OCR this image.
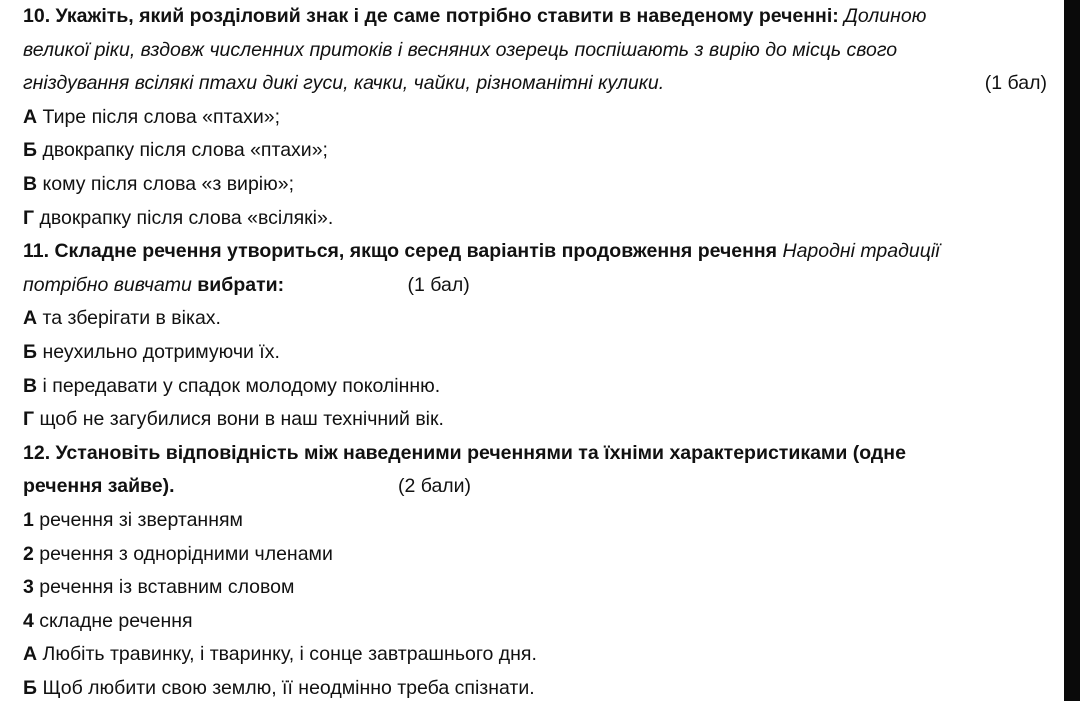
10. Укажіть, який розділовий знак і де саме потрібно ставити в наведеному реченні: Долиною
великої ріки, вздовж численних притоків і весняних озерець поспішають з вирію до місць свого
гніздування всілякі птахи дикі гуси, качки, чайки, різноманітні кулики.	(1 бал)
А Тире після слова «птахи»;
Б двокрапку після слова «птахи»;
В кому після слова «з вирію»;
Г двокрапку після слова «всілякі».
11. Складне речення утвориться, якщо серед варіантів продовження речення Народні традиції
потрібно вивчати вибрати:	(1 бал)
А та зберігати в віках.
Б неухильно дотримуючи їх.
В і передавати у спадок молодому поколінню.
Г щоб не загубилися вони в наш технічний вік.
12. Установіть відповідність між наведеними реченнями та їхніми характеристиками (одне
речення зайве).	(2 бали)
1 речення зі звертанням
2 речення з однорідними членами
3 речення із вставним словом
4 складне речення
А Любіть травинку, і тваринку, і сонце завтрашнього дня.
Б Щоб любити свою землю, її неодмінно треба спізнати.
